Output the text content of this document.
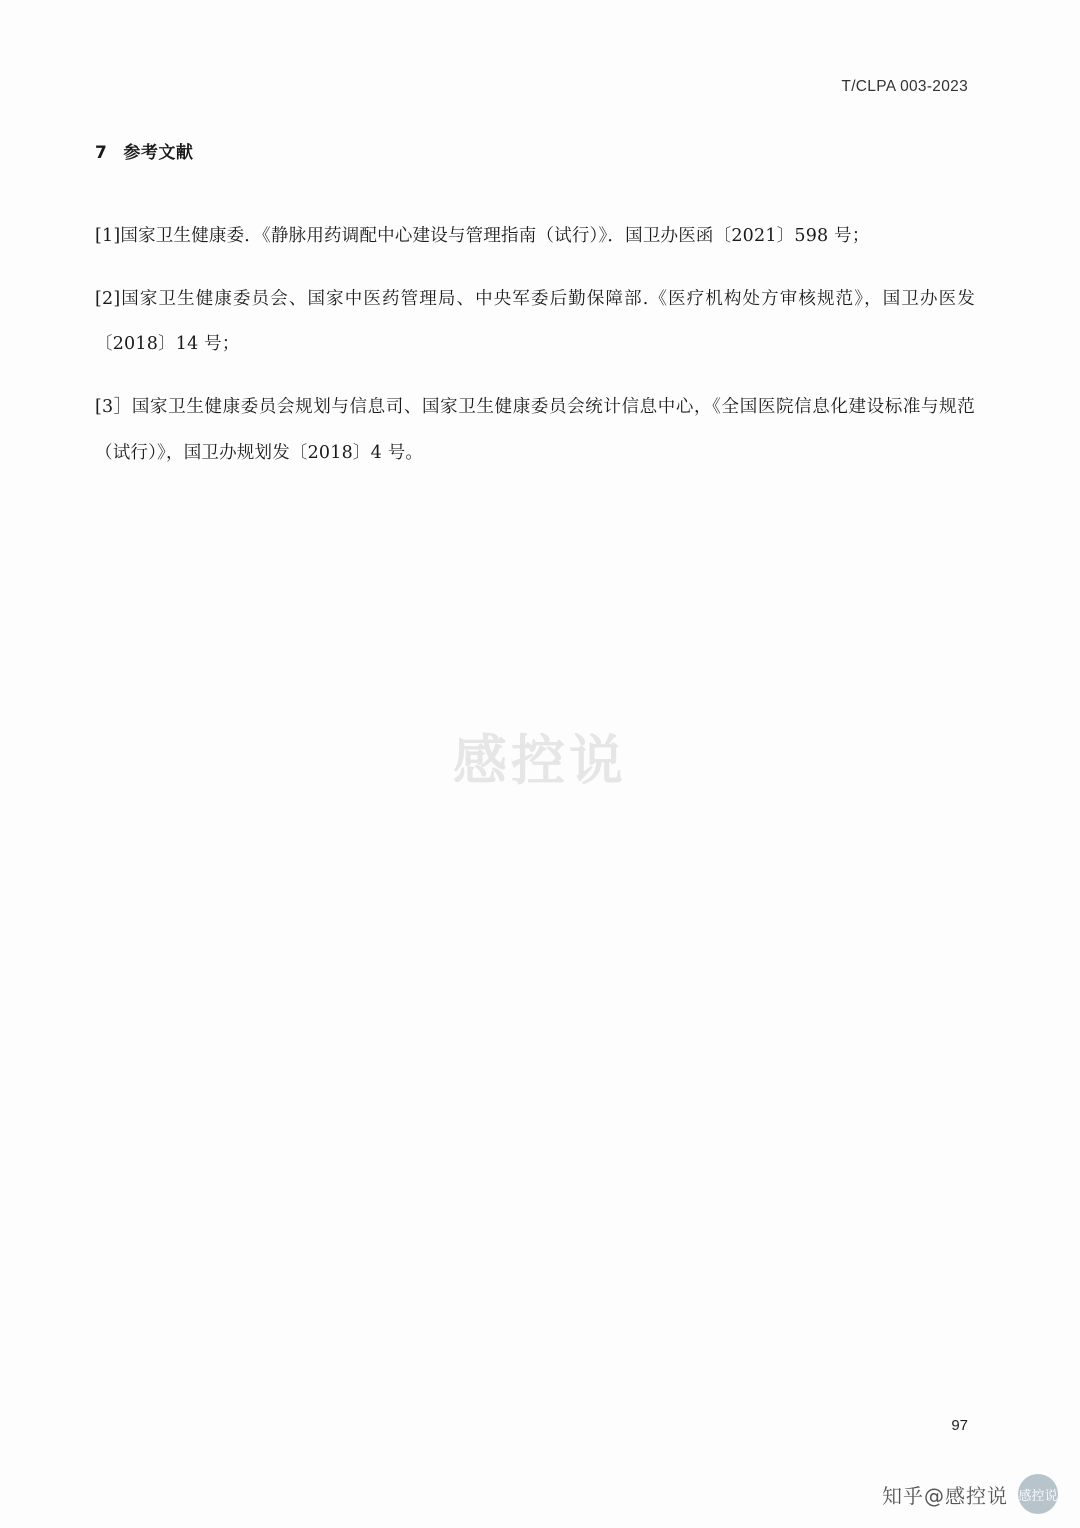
T/CLPA 003-2023
7 参考文献

[1]国家卫生健康委．《静脉用药调配中心建设与管理指南（试行）》．国卫办医函〔2021〕598 号；

[2]国家卫生健康委员会、国家中医药管理局、中央军委后勤保障部.《医疗机构处方审核规范》，国卫办医发〔2018〕14 号；

[3］国家卫生健康委员会规划与信息司、国家卫生健康委员会统计信息中心，《全国医院信息化建设标准与规范（试行）》，国卫办规划发〔2018〕4 号。

感控说
97
知乎@感控说 感控说
